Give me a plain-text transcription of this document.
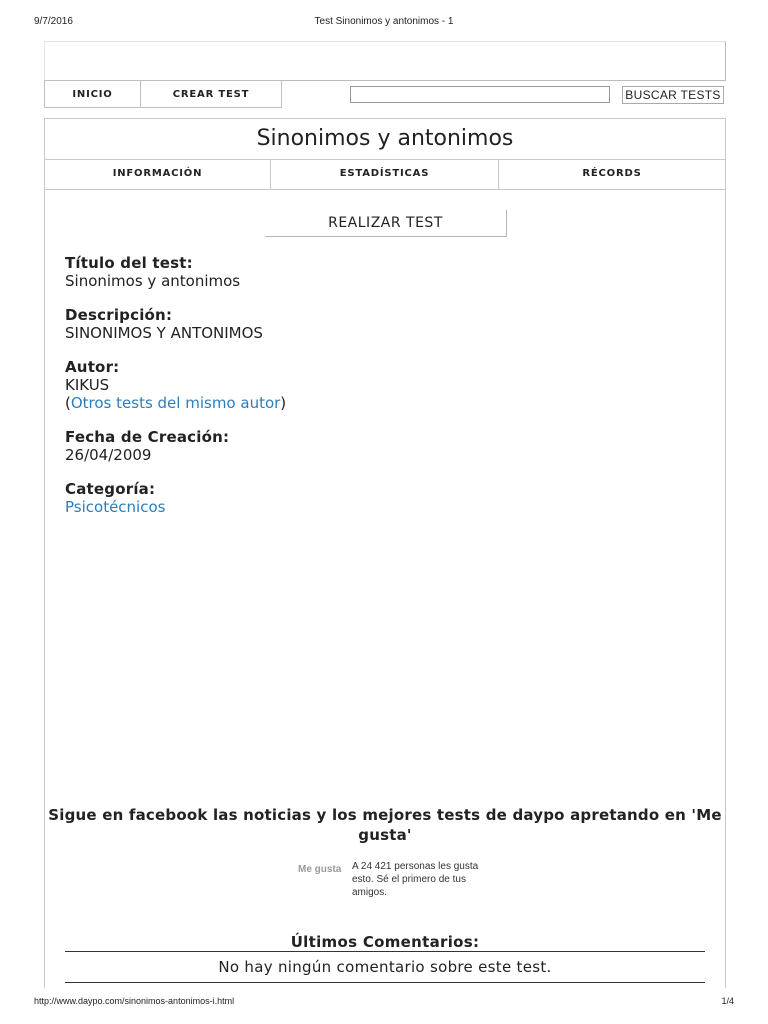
9/7/2016	Test Sinonimos y antonimos - 1
INICIO	CREAR TEST	BUSCAR TESTS
Sinonimos y antonimos
INFORMACIÓN	ESTADÍSTICAS	RÉCORDS
REALIZAR TEST
Título del test:
Sinonimos y antonimos
Descripción:
SINONIMOS Y ANTONIMOS
Autor:
KIKUS
(Otros tests del mismo autor)
Fecha de Creación:
26/04/2009
Categoría:
Psicotécnicos
Sigue en facebook las noticias y los mejores tests de daypo apretando en 'Me gusta'
Me gusta A 24 421 personas les gusta esto. Sé el primero de tus amigos.
Últimos Comentarios:
No hay ningún comentario sobre este test.
http://www.daypo.com/sinonimos-antonimos-i.html	1/4
